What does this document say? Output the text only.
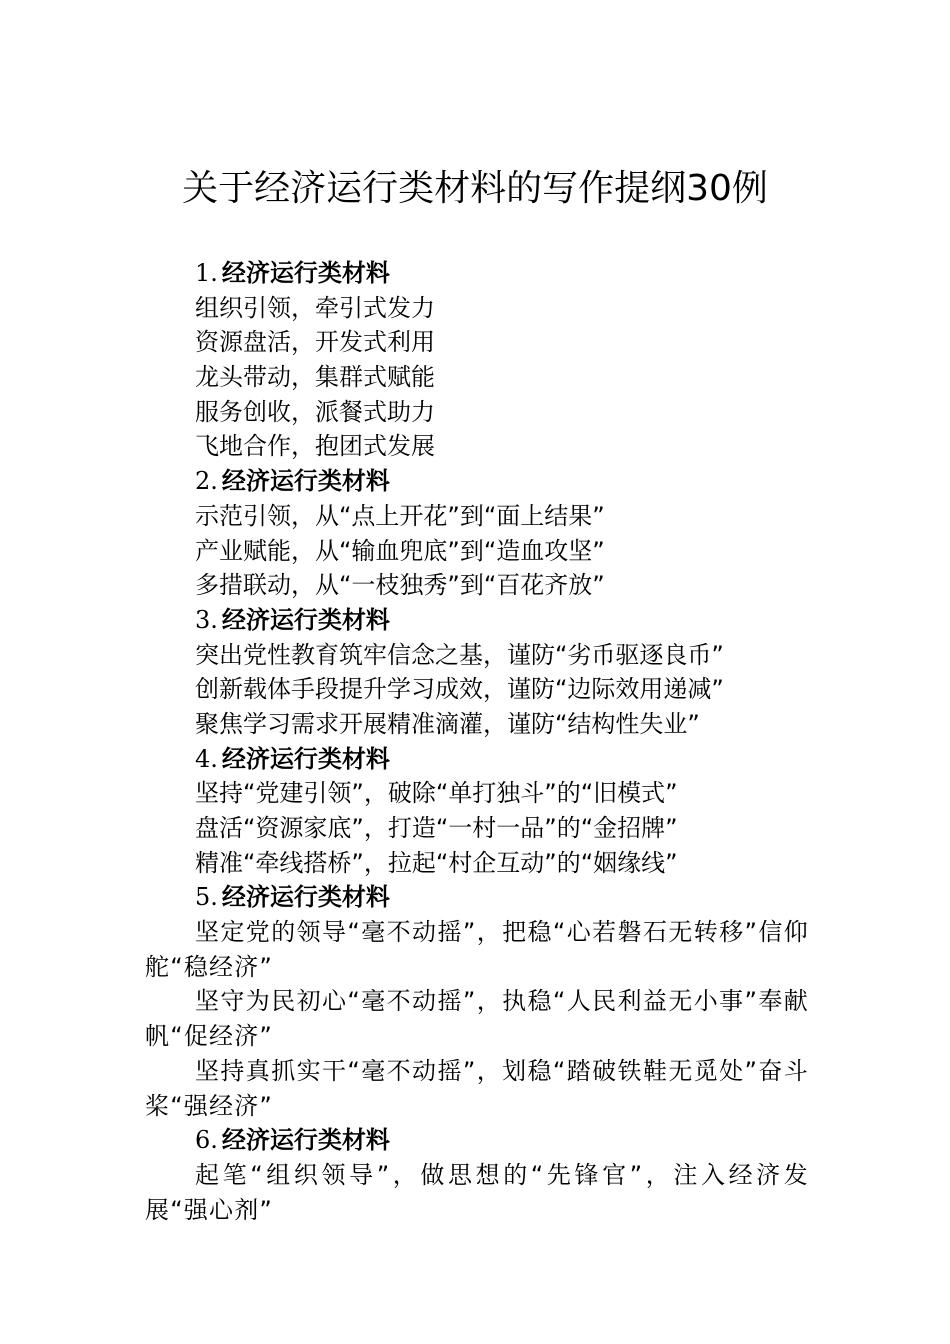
关于经济运行类材料的写作提纲30例
1. 经济运行类材料
组织引领，牵引式发力
资源盘活，开发式利用
龙头带动，集群式赋能
服务创收，派餐式助力
飞地合作，抱团式发展
2. 经济运行类材料
示范引领，从“点上开花”到“面上结果”
产业赋能，从“输血兜底”到“造血攻坚”
多措联动，从“一枝独秀”到“百花齐放”
3. 经济运行类材料
突出党性教育筑牢信念之基，谨防“劣币驱逐良币”
创新载体手段提升学习成效，谨防“边际效用递减”
聚焦学习需求开展精准滴灌，谨防“结构性失业”
4. 经济运行类材料
坚持“党建引领”，破除“单打独斗”的“旧模式”
盘活“资源家底”，打造“一村一品”的“金招牌”
精准“牵线搭桥”，拉起“村企互动”的“姻缘线”
5. 经济运行类材料
坚定党的领导“毫不动摇”，把稳“心若磐石无转移”信仰舵“稳经济”
坚守为民初心“毫不动摇”，执稳“人民利益无小事”奉献帆“促经济”
坚持真抓实干“毫不动摇”，划稳“踏破铁鞋无觅处”奋斗桨“强经济”
6. 经济运行类材料
起笔“组织领导”，做思想的“先锋官”，注入经济发展“强心剂”
